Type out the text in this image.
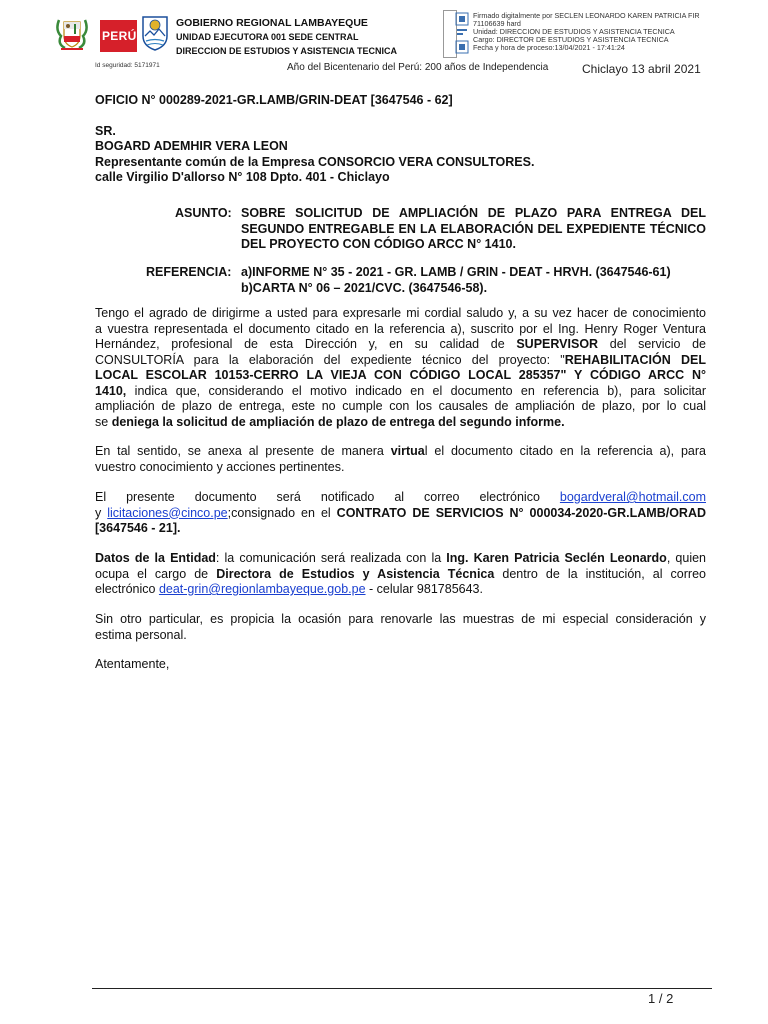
PERÚ
GOBIERNO REGIONAL LAMBAYEQUE
UNIDAD EJECUTORA 001 SEDE CENTRAL
DIRECCION DE ESTUDIOS Y ASISTENCIA TECNICA
Firmado digitalmente por SECLEN LEONARDO KAREN PATRICIA FIR
71106639 hard
Unidad: DIRECCION DE ESTUDIOS Y ASISTENCIA TECNICA
Cargo: DIRECTOR DE ESTUDIOS Y ASISTENCIA TECNICA
Fecha y hora de proceso:13/04/2021 - 17:41:24
Id seguridad: 5171971	Año del Bicentenario del Perú: 200 años de Independencia	Chiclayo 13 abril 2021
OFICIO N° 000289-2021-GR.LAMB/GRIN-DEAT [3647546 - 62]
SR.
BOGARD ADEMHIR VERA LEON
Representante común de la Empresa CONSORCIO VERA CONSULTORES.
calle Virgilio D'allorso N° 108 Dpto. 401 - Chiclayo
ASUNTO: SOBRE SOLICITUD DE AMPLIACIÓN DE PLAZO PARA ENTREGA DEL SEGUNDO ENTREGABLE EN LA ELABORACIÓN DEL EXPEDIENTE TÉCNICO DEL PROYECTO CON CÓDIGO ARCC N° 1410.
REFERENCIA: a)INFORME N° 35 - 2021 - GR. LAMB / GRIN - DEAT - HRVH. (3647546-61)
b)CARTA N° 06 – 2021/CVC. (3647546-58).
Tengo el agrado de dirigirme a usted para expresarle mi cordial saludo y, a su vez hacer de conocimiento
a vuestra representada el documento citado en la referencia a), suscrito por el Ing. Henry Roger Ventura
Hernández, profesional de esta Dirección y, en su calidad de SUPERVISOR del servicio de
CONSULTORÍA para la elaboración del expediente técnico del proyecto: "REHABILITACIÓN DEL
LOCAL ESCOLAR 10153-CERRO LA VIEJA CON CÓDIGO LOCAL 285357" Y CÓDIGO ARCC N°
1410, indica que, considerando el motivo indicado en el documento en referencia b), para solicitar
ampliación de plazo de entrega, este no cumple con los causales de ampliación de plazo, por lo cual
se deniega la solicitud de ampliación de plazo de entrega del segundo informe.
En tal sentido, se anexa al presente de manera virtual el documento citado en la referencia a), para
vuestro conocimiento y acciones pertinentes.
El presente documento será notificado al correo electrónico bogardveral@hotmail.com
y licitaciones@cinco.pe;consignado en el CONTRATO DE SERVICIOS N° 000034-2020-GR.LAMB/ORAD
[3647546 - 21].
Datos de la Entidad: la comunicación será realizada con la Ing. Karen Patricia Seclén Leonardo, quien
ocupa el cargo de Directora de Estudios y Asistencia Técnica dentro de la institución, al correo
electrónico deat-grin@regionlambayeque.gob.pe - celular 981785643.
Sin otro particular, es propicia la ocasión para renovarle las muestras de mi especial consideración y
estima personal.
Atentamente,
1 / 2
